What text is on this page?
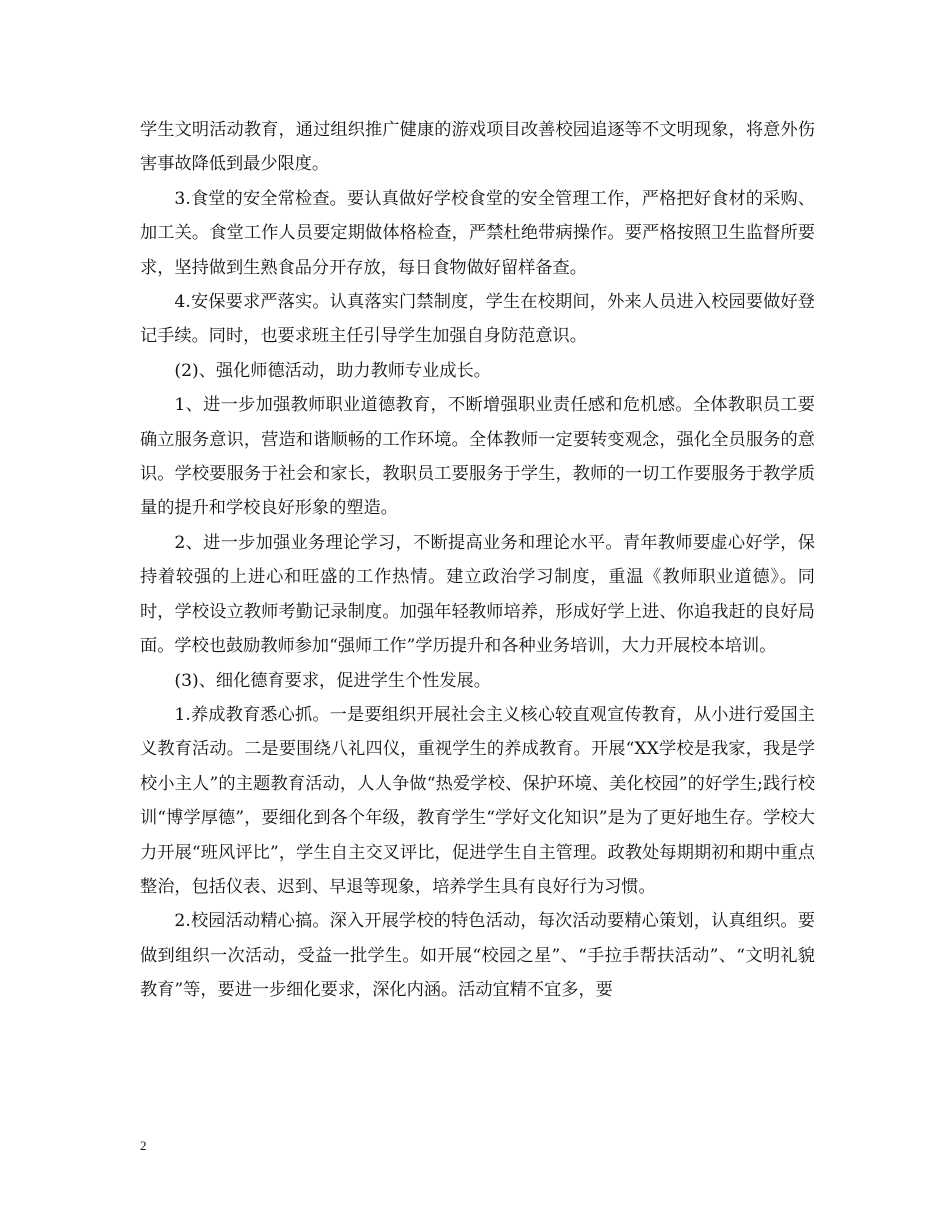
学生文明活动教育，通过组织推广健康的游戏项目改善校园追逐等不文明现象，将意外伤害事故降低到最少限度。

3.食堂的安全常检查。要认真做好学校食堂的安全管理工作，严格把好食材的采购、加工关。食堂工作人员要定期做体格检查，严禁杜绝带病操作。要严格按照卫生监督所要求，坚持做到生熟食品分开存放，每日食物做好留样备查。

4.安保要求严落实。认真落实门禁制度，学生在校期间，外来人员进入校园要做好登记手续。同时，也要求班主任引导学生加强自身防范意识。

(2)、强化师德活动，助力教师专业成长。

1、进一步加强教师职业道德教育，不断增强职业责任感和危机感。全体教职员工要确立服务意识，营造和谐顺畅的工作环境。全体教师一定要转变观念，强化全员服务的意识。学校要服务于社会和家长，教职员工要服务于学生，教师的一切工作要服务于教学质量的提升和学校良好形象的塑造。

2、进一步加强业务理论学习，不断提高业务和理论水平。青年教师要虚心好学，保持着较强的上进心和旺盛的工作热情。建立政治学习制度，重温《教师职业道德》。同时，学校设立教师考勤记录制度。加强年轻教师培养，形成好学上进、你追我赶的良好局面。学校也鼓励教师参加“强师工作”学历提升和各种业务培训，大力开展校本培训。

(3)、细化德育要求，促进学生个性发展。

1.养成教育悉心抓。一是要组织开展社会主义核心较直观宣传教育，从小进行爱国主义教育活动。二是要围绕八礼四仪，重视学生的养成教育。开展“XX学校是我家，我是学校小主人”的主题教育活动，人人争做“热爱学校、保护环境、美化校园”的好学生;践行校训“博学厚德”，要细化到各个年级，教育学生“学好文化知识”是为了更好地生存。学校大力开展“班风评比”，学生自主交叉评比，促进学生自主管理。政教处每期期初和期中重点整治，包括仪表、迟到、早退等现象，培养学生具有良好行为习惯。

2.校园活动精心搞。深入开展学校的特色活动，每次活动要精心策划，认真组织。要做到组织一次活动，受益一批学生。如开展“校园之星”、“手拉手帮扶活动”、“文明礼貌教育”等，要进一步细化要求，深化内涵。活动宜精不宜多，要

2
